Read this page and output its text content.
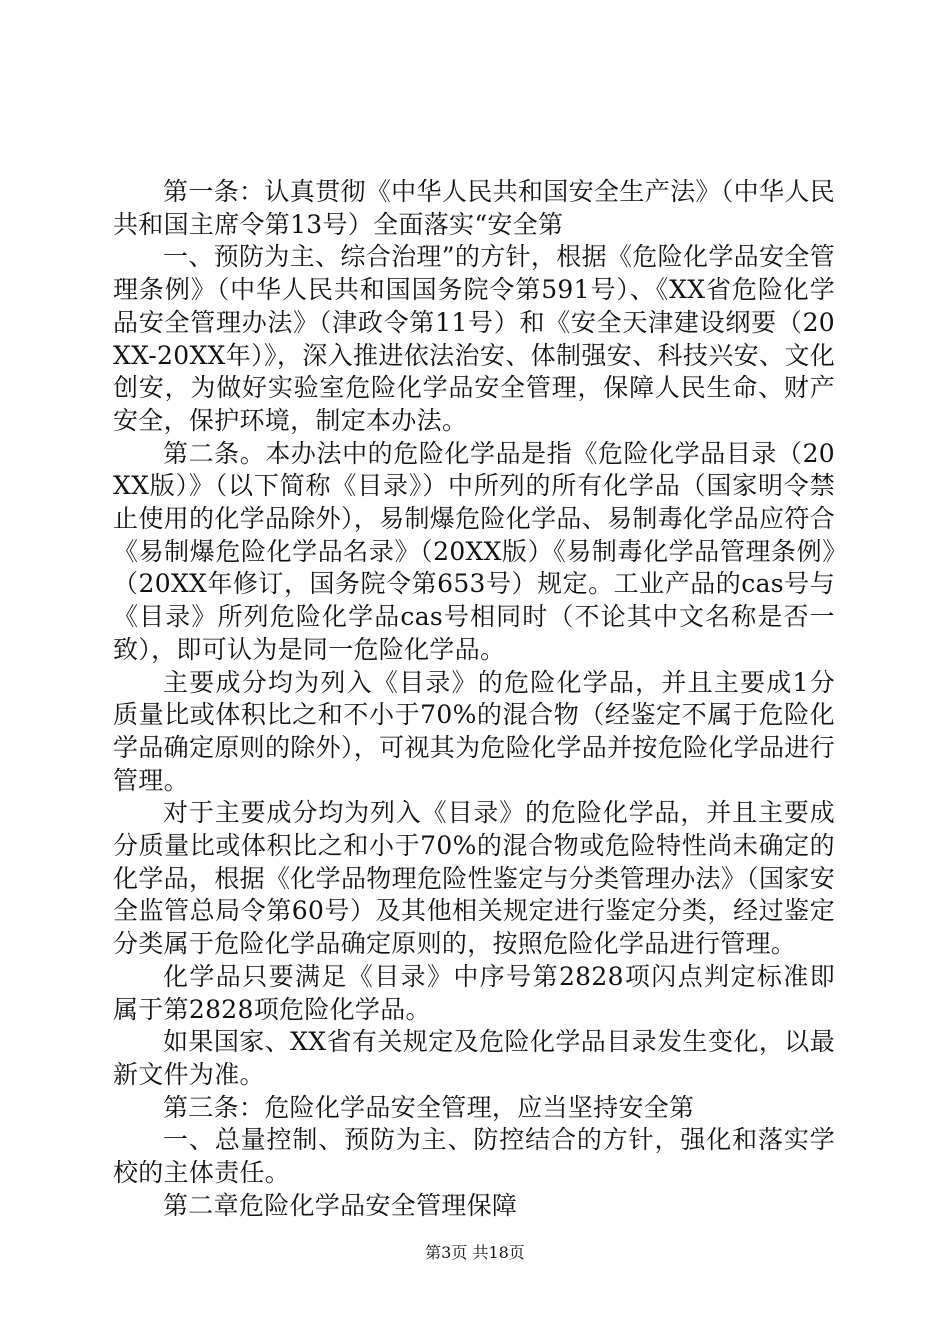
第一条：认真贯彻《中华人民共和国安全生产法》（中华人民共和国主席令第13号）全面落实“安全第

一、预防为主、综合治理”的方针，根据《危险化学品安全管理条例》（中华人民共和国国务院令第591号）、《XX省危险化学品安全管理办法》（津政令第11号）和《安全天津建设纲要（20XX-20XX年）》，深入推进依法治安、体制强安、科技兴安、文化创安，为做好实验室危险化学品安全管理，保障人民生命、财产安全，保护环境，制定本办法。

第二条。本办法中的危险化学品是指《危险化学品目录（20XX版）》（以下简称《目录》）中所列的所有化学品（国家明令禁止使用的化学品除外），易制爆危险化学品、易制毒化学品应符合《易制爆危险化学品名录》（20XX版）《易制毒化学品管理条例》（20XX年修订，国务院令第653号）规定。工业产品的cas号与《目录》所列危险化学品cas号相同时（不论其中文名称是否一致），即可认为是同一危险化学品。

主要成分均为列入《目录》的危险化学品，并且主要成1分质量比或体积比之和不小于70%的混合物（经鉴定不属于危险化学品确定原则的除外），可视其为危险化学品并按危险化学品进行管理。

对于主要成分均为列入《目录》的危险化学品，并且主要成分质量比或体积比之和小于70%的混合物或危险特性尚未确定的化学品，根据《化学品物理危险性鉴定与分类管理办法》（国家安全监管总局令第60号）及其他相关规定进行鉴定分类，经过鉴定分类属于危险化学品确定原则的，按照危险化学品进行管理。

化学品只要满足《目录》中序号第2828项闪点判定标准即属于第2828项危险化学品。

如果国家、XX省有关规定及危险化学品目录发生变化，以最新文件为准。

第三条：危险化学品安全管理，应当坚持安全第

一、总量控制、预防为主、防控结合的方针，强化和落实学校的主体责任。

第二章危险化学品安全管理保障

第3页 共18页
